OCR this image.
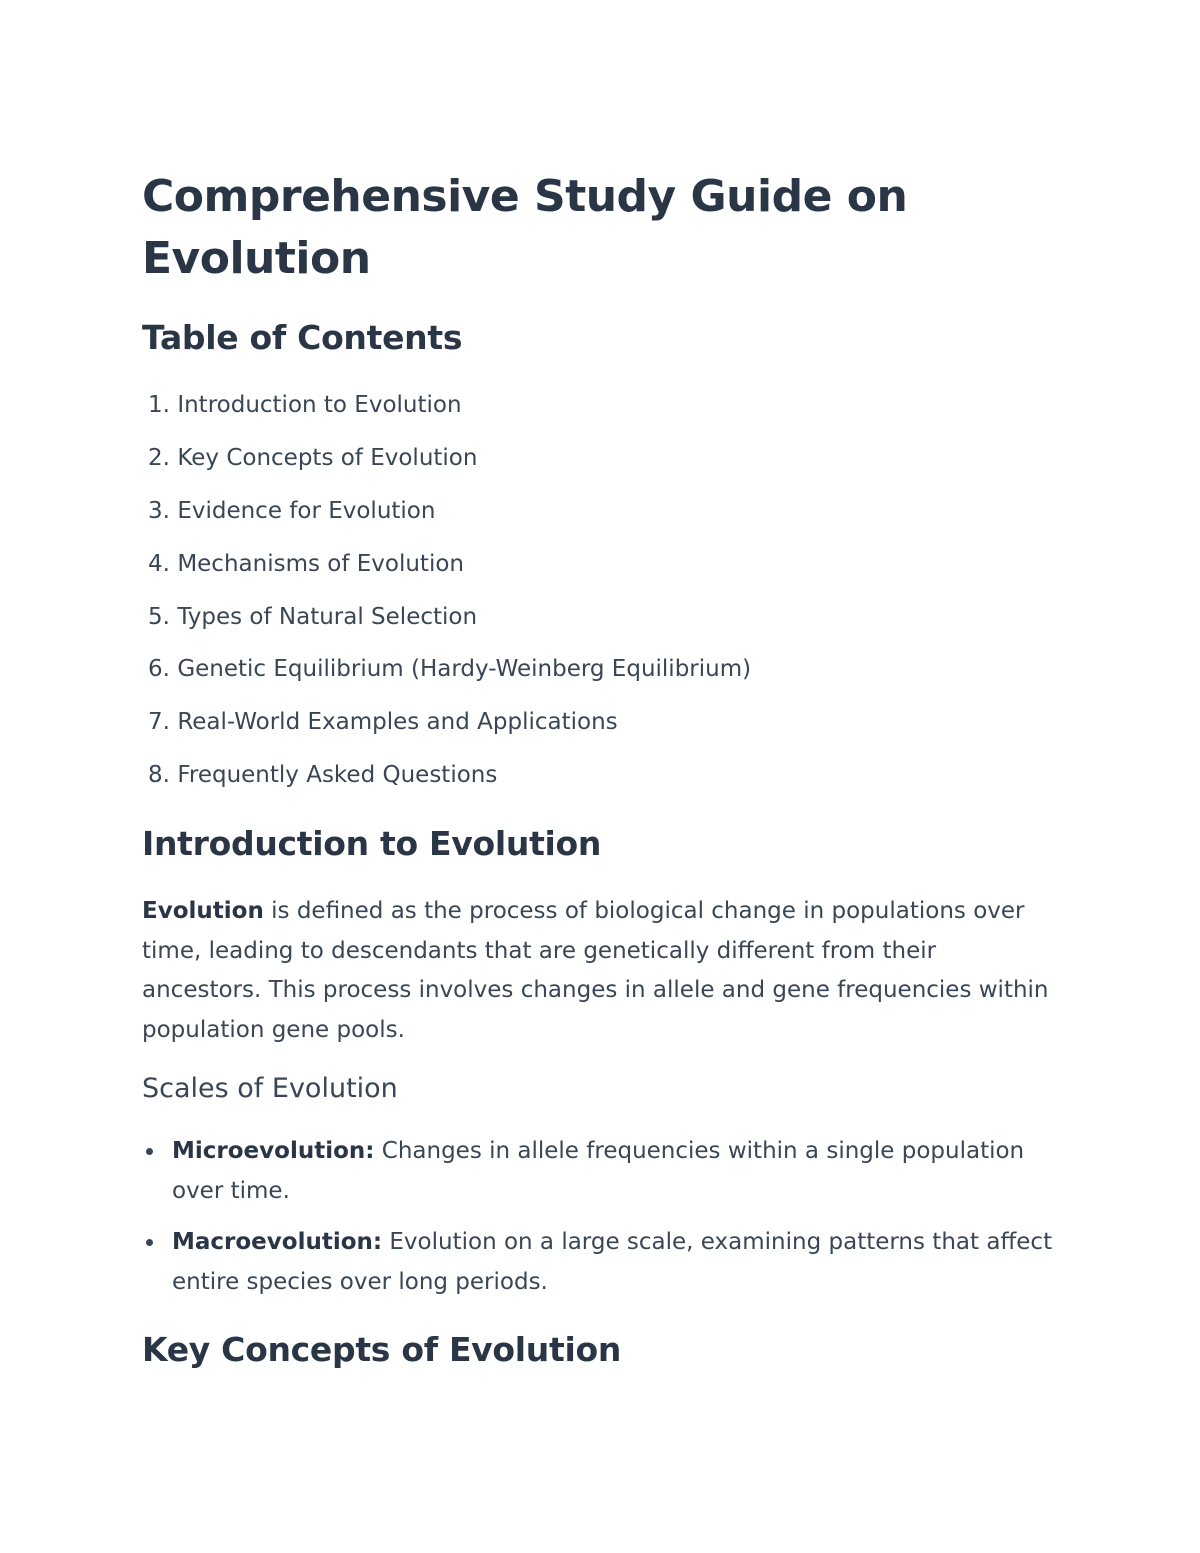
Comprehensive Study Guide on Evolution
Table of Contents
1. Introduction to Evolution
2. Key Concepts of Evolution
3. Evidence for Evolution
4. Mechanisms of Evolution
5. Types of Natural Selection
6. Genetic Equilibrium (Hardy-Weinberg Equilibrium)
7. Real-World Examples and Applications
8. Frequently Asked Questions
Introduction to Evolution

Evolution is defined as the process of biological change in populations over time, leading to descendants that are genetically different from their ancestors. This process involves changes in allele and gene frequencies within population gene pools.

Scales of Evolution
Microevolution: Changes in allele frequencies within a single population over time.
Macroevolution: Evolution on a large scale, examining patterns that affect entire species over long periods.
Key Concepts of Evolution
